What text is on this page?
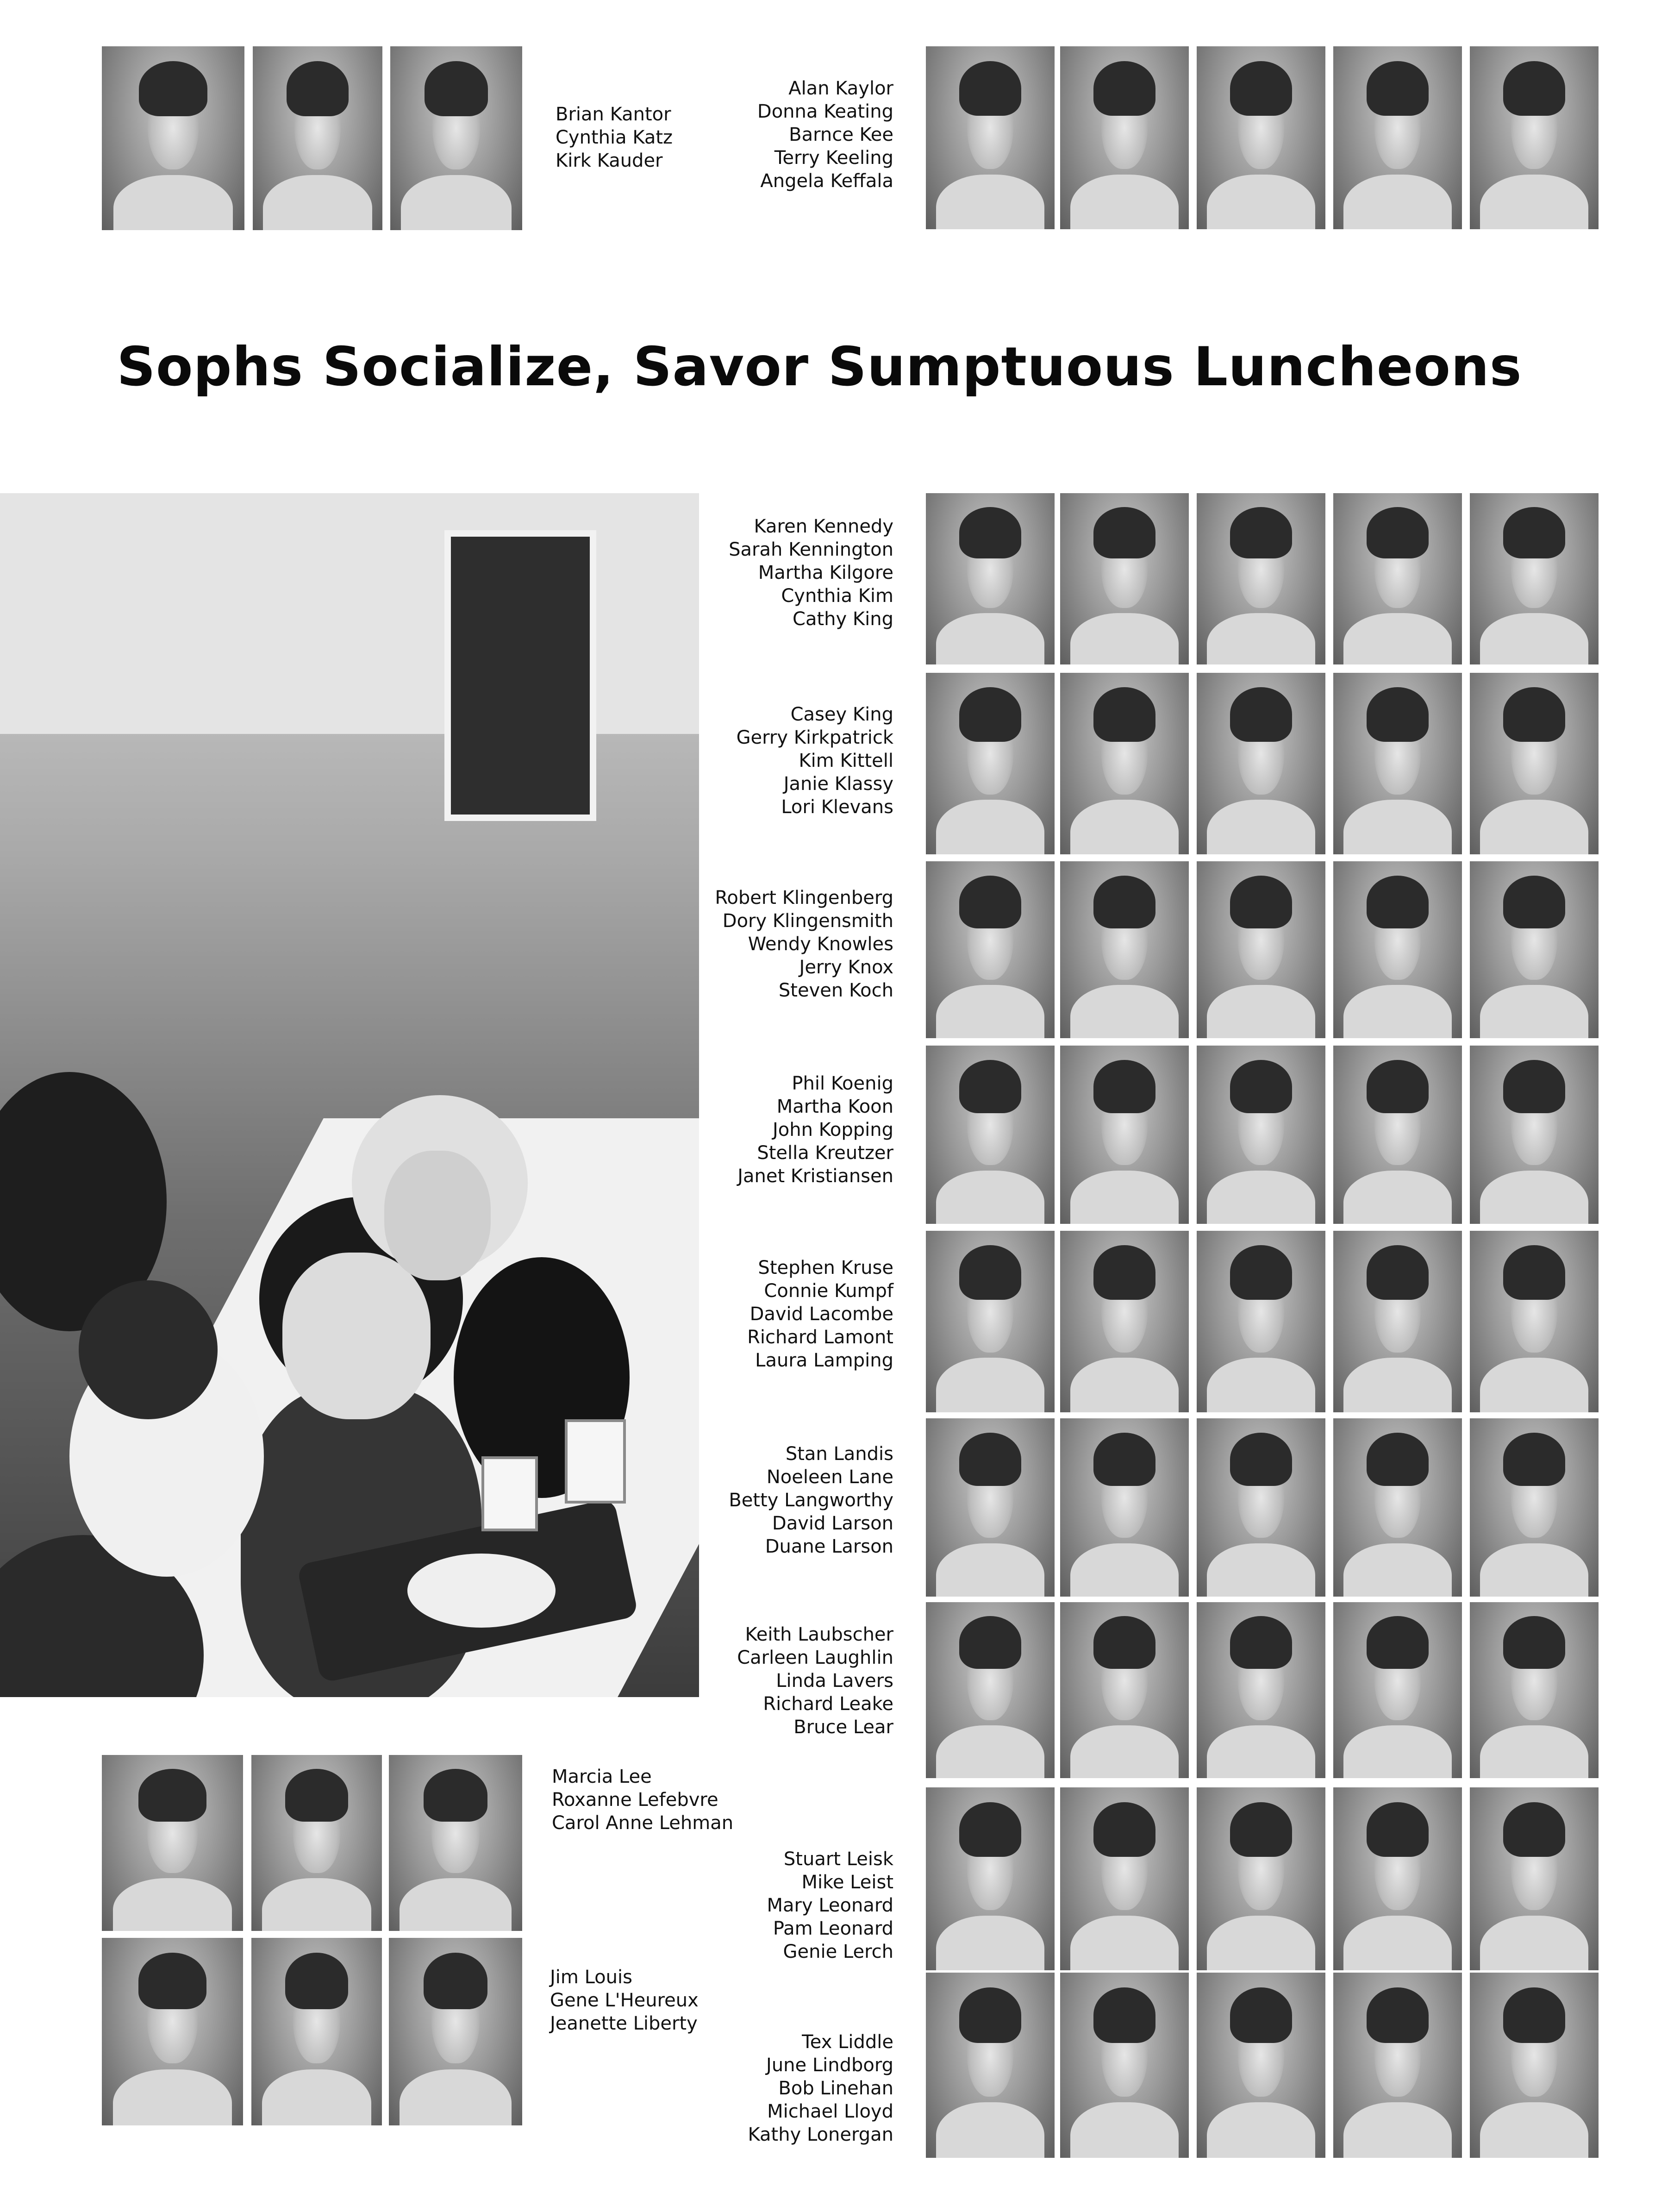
Sophs Socialize, Savor Sumptuous Luncheons
Brian Kantor
Cynthia Katz
Kirk Kauder
Alan Kaylor
Donna Keating
Barnce Kee
Terry Keeling
Angela Keffala
Karen Kennedy
Sarah Kennington
Martha Kilgore
Cynthia Kim
Cathy King
Casey King
Gerry Kirkpatrick
Kim Kittell
Janie Klassy
Lori Klevans
Robert Klingenberg
Dory Klingensmith
Wendy Knowles
Jerry Knox
Steven Koch
Phil Koenig
Martha Koon
John Kopping
Stella Kreutzer
Janet Kristiansen
Stephen Kruse
Connie Kumpf
David Lacombe
Richard Lamont
Laura Lamping
Stan Landis
Noeleen Lane
Betty Langworthy
David Larson
Duane Larson
Keith Laubscher
Carleen Laughlin
Linda Lavers
Richard Leake
Bruce Lear
Stuart Leisk
Mike Leist
Mary Leonard
Pam Leonard
Genie Lerch
Tex Liddle
June Lindborg
Bob Linehan
Michael Lloyd
Kathy Lonergan
Marcia Lee
Roxanne Lefebvre
Carol Anne Lehman
Jim Louis
Gene L'Heureux
Jeanette Liberty
